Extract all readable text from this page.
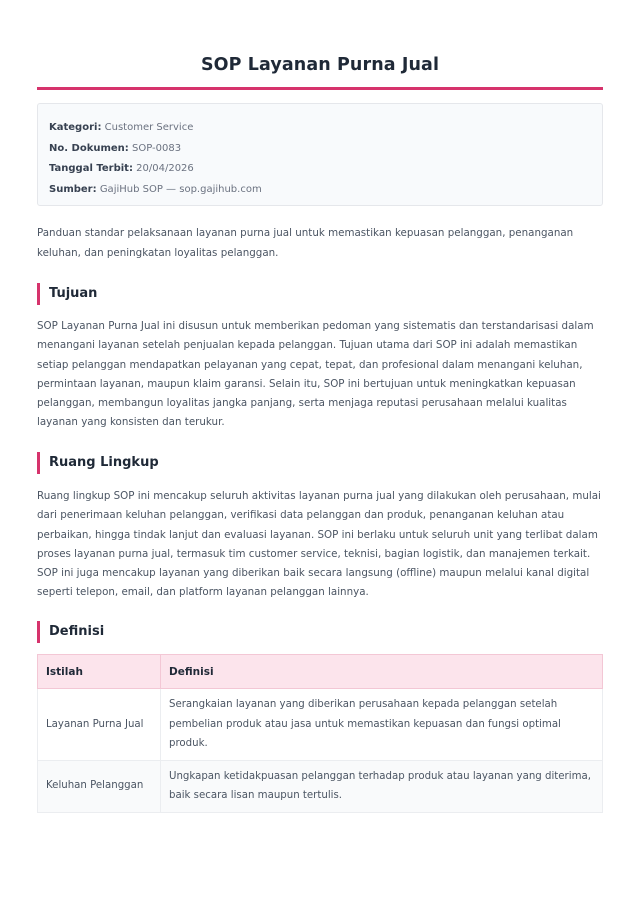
SOP Layanan Purna Jual
Kategori: Customer Service
No. Dokumen: SOP-0083
Tanggal Terbit: 20/04/2026
Sumber: GajiHub SOP — sop.gajihub.com

Panduan standar pelaksanaan layanan purna jual untuk memastikan kepuasan pelanggan, penanganan keluhan, dan peningkatan loyalitas pelanggan.

Tujuan

SOP Layanan Purna Jual ini disusun untuk memberikan pedoman yang sistematis dan terstandarisasi dalam menangani layanan setelah penjualan kepada pelanggan. Tujuan utama dari SOP ini adalah memastikan setiap pelanggan mendapatkan pelayanan yang cepat, tepat, dan profesional dalam menangani keluhan, permintaan layanan, maupun klaim garansi. Selain itu, SOP ini bertujuan untuk meningkatkan kepuasan pelanggan, membangun loyalitas jangka panjang, serta menjaga reputasi perusahaan melalui kualitas layanan yang konsisten dan terukur.

Ruang Lingkup

Ruang lingkup SOP ini mencakup seluruh aktivitas layanan purna jual yang dilakukan oleh perusahaan, mulai dari penerimaan keluhan pelanggan, verifikasi data pelanggan dan produk, penanganan keluhan atau perbaikan, hingga tindak lanjut dan evaluasi layanan. SOP ini berlaku untuk seluruh unit yang terlibat dalam proses layanan purna jual, termasuk tim customer service, teknisi, bagian logistik, dan manajemen terkait. SOP ini juga mencakup layanan yang diberikan baik secara langsung (offline) maupun melalui kanal digital seperti telepon, email, dan platform layanan pelanggan lainnya.

Definisi
Istilah	Definisi
Layanan Purna Jual	Serangkaian layanan yang diberikan perusahaan kepada pelanggan setelah pembelian produk atau jasa untuk memastikan kepuasan dan fungsi optimal produk.
Keluhan Pelanggan	Ungkapan ketidakpuasan pelanggan terhadap produk atau layanan yang diterima, baik secara lisan maupun tertulis.
